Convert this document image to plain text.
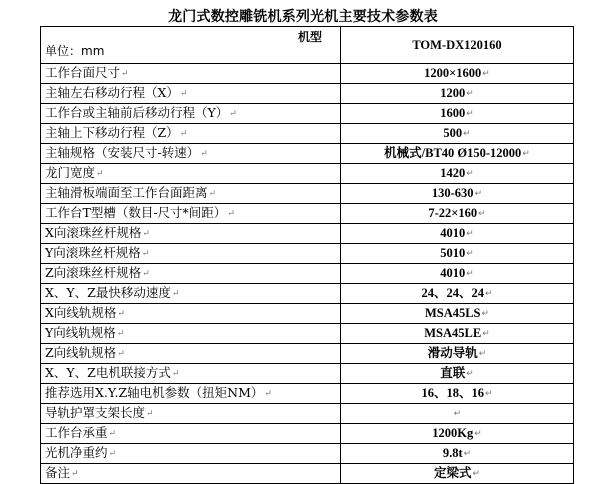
龙门式数控雕铣机系列光机主要技术参数表
机型
单位：mm	TOM-DX120160
工作台面尺寸↵	1200×1600↵
主轴左右移动行程（X）↵	1200↵
工作台或主轴前后移动行程（Y）↵	1600↵
主轴上下移动行程（Z）↵	500↵
主轴规格（安装尺寸-转速）↵	机械式/BT40 Ø150-12000↵
龙门宽度↵	1420↵
主轴滑板端面至工作台面距离↵	130-630↵
工作台T型槽（数目-尺寸*间距）↵	7-22×160↵
X向滚珠丝杆规格↵	4010↵
Y向滚珠丝杆规格↵	5010↵
Z向滚珠丝杆规格↵	4010↵
X、Y、Z最快移动速度↵	24、24、24↵
X向线轨规格↵	MSA45LS↵
Y向线轨规格↵	MSA45LE↵
Z向线轨规格↵	滑动导轨↵
X、Y、Z电机联接方式↵	直联↵
推荐选用X.Y.Z轴电机参数（扭矩NM）↵	16、18、16↵
导轨护罩支架长度↵	↵
工作台承重↵	1200Kg↵
光机净重约↵	9.8t↵
备注↵	定梁式↵
